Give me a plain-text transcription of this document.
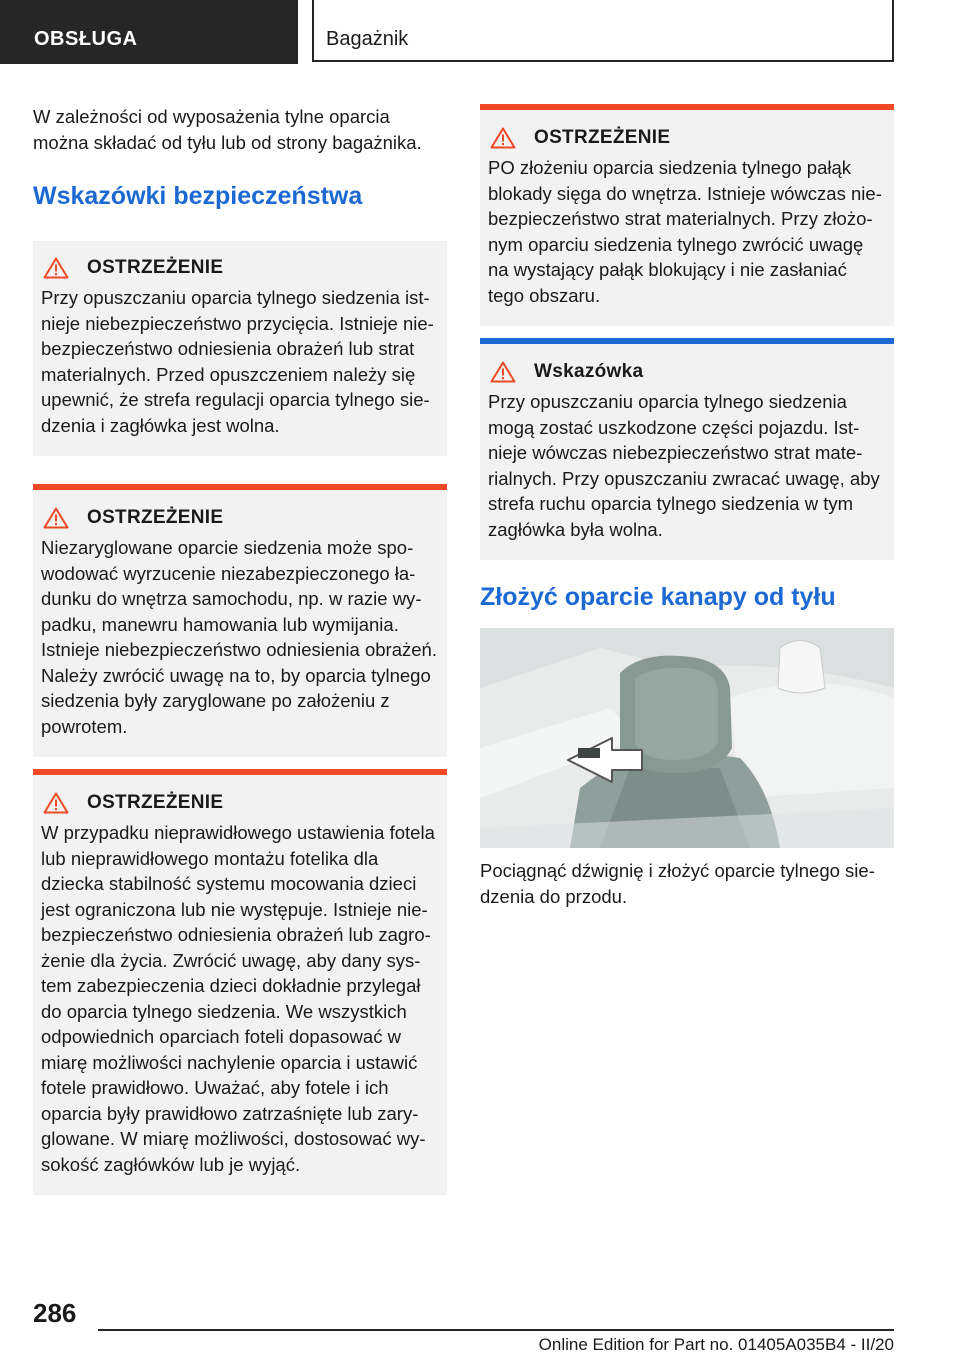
OBSŁUGA	Bagażnik

W zależności od wyposażenia tylne oparcia można składać od tyłu lub od strony bagażnika.

Wskazówki bezpieczeństwa
OSTRZEŻENIE

Przy opuszczaniu oparcia tylnego siedzenia istnieje niebezpieczeństwo przycięcia. Istnieje niebezpieczeństwo odniesienia obrażeń lub strat materialnych. Przed opuszczeniem należy się upewnić, że strefa regulacji oparcia tylnego siedzenia i zagłówka jest wolna.

OSTRZEŻENIE

Niezaryglowane oparcie siedzenia może spowodować wyrzucenie niezabezpieczonego ładunku do wnętrza samochodu, np. w razie wypadku, manewru hamowania lub wymijania. Istnieje niebezpieczeństwo odniesienia obrażeń. Należy zwrócić uwagę na to, by oparcia tylnego siedzenia były zaryglowane po założeniu z powrotem.

OSTRZEŻENIE

W przypadku nieprawidłowego ustawienia fotela lub nieprawidłowego montażu fotelika dla dziecka stabilność systemu mocowania dzieci jest ograniczona lub nie występuje. Istnieje niebezpieczeństwo odniesienia obrażeń lub zagrożenie dla życia. Zwrócić uwagę, aby dany system zabezpieczenia dzieci dokładnie przylegał do oparcia tylnego siedzenia. We wszystkich odpowiednich oparciach foteli dopasować w miarę możliwości nachylenie oparcia i ustawić fotele prawidłowo. Uważać, aby fotele i ich oparcia były prawidłowo zatrzaśnięte lub zaryglowane. W miarę możliwości, dostosować wysokość zagłówków lub je wyjąć.

OSTRZEŻENIE

PO złożeniu oparcia siedzenia tylnego pałąk blokady sięga do wnętrza. Istnieje wówczas niebezpieczeństwo strat materialnych. Przy złożonym oparciu siedzenia tylnego zwrócić uwagę na wystający pałąk blokujący i nie zasłaniać tego obszaru.

Wskazówka

Przy opuszczaniu oparcia tylnego siedzenia mogą zostać uszkodzone części pojazdu. Istnieje wówczas niebezpieczeństwo strat materialnych. Przy opuszczaniu zwracać uwagę, aby strefa ruchu oparcia tylnego siedzenia w tym zagłówka była wolna.

Złożyć oparcie kanapy od tyłu

Pociągnąć dźwignię i złożyć oparcie tylnego siedzenia do przodu.

286
Online Edition for Part no. 01405A035B4 - II/20
